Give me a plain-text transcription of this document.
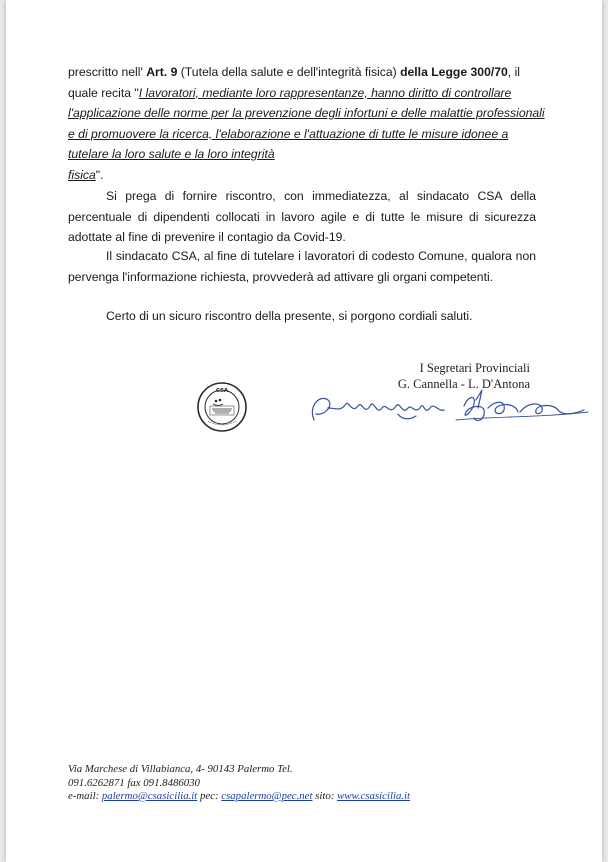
prescritto nell' Art. 9 (Tutela della salute e dell'integrità fisica) della Legge 300/70, il
quale recita "I lavoratori, mediante loro rappresentanze, hanno diritto di controllare
l'applicazione delle norme per la prevenzione degli infortuni e delle malattie professionali
e di promuovere la ricerca, l'elaborazione e l'attuazione di tutte le misure idonee a
tutelare la loro salute e la loro integrità
fisica".
Si prega di fornire riscontro, con immediatezza, al sindacato CSA della percentuale di dipendenti collocati in lavoro agile e di tutte le misure di sicurezza adottate al fine di prevenire il contagio da Covid-19.
Il sindacato CSA, al fine di tutelare i lavoratori di codesto Comune, qualora non pervenga l'informazione richiesta, provvederà ad attivare gli organi competenti.
Certo di un sicuro riscontro della presente, si porgono cordiali saluti.
I Segretari Provinciali
G. Cannella - L. D'Antona
CSA
Via Marchese di Villabianca, 4- 90143 Palermo Tel.
091.6262871 fax 091.8486030
e-mail: palermo@csasicilia.it pec: csapalermo@pec.net sito: www.csasicilia.it
